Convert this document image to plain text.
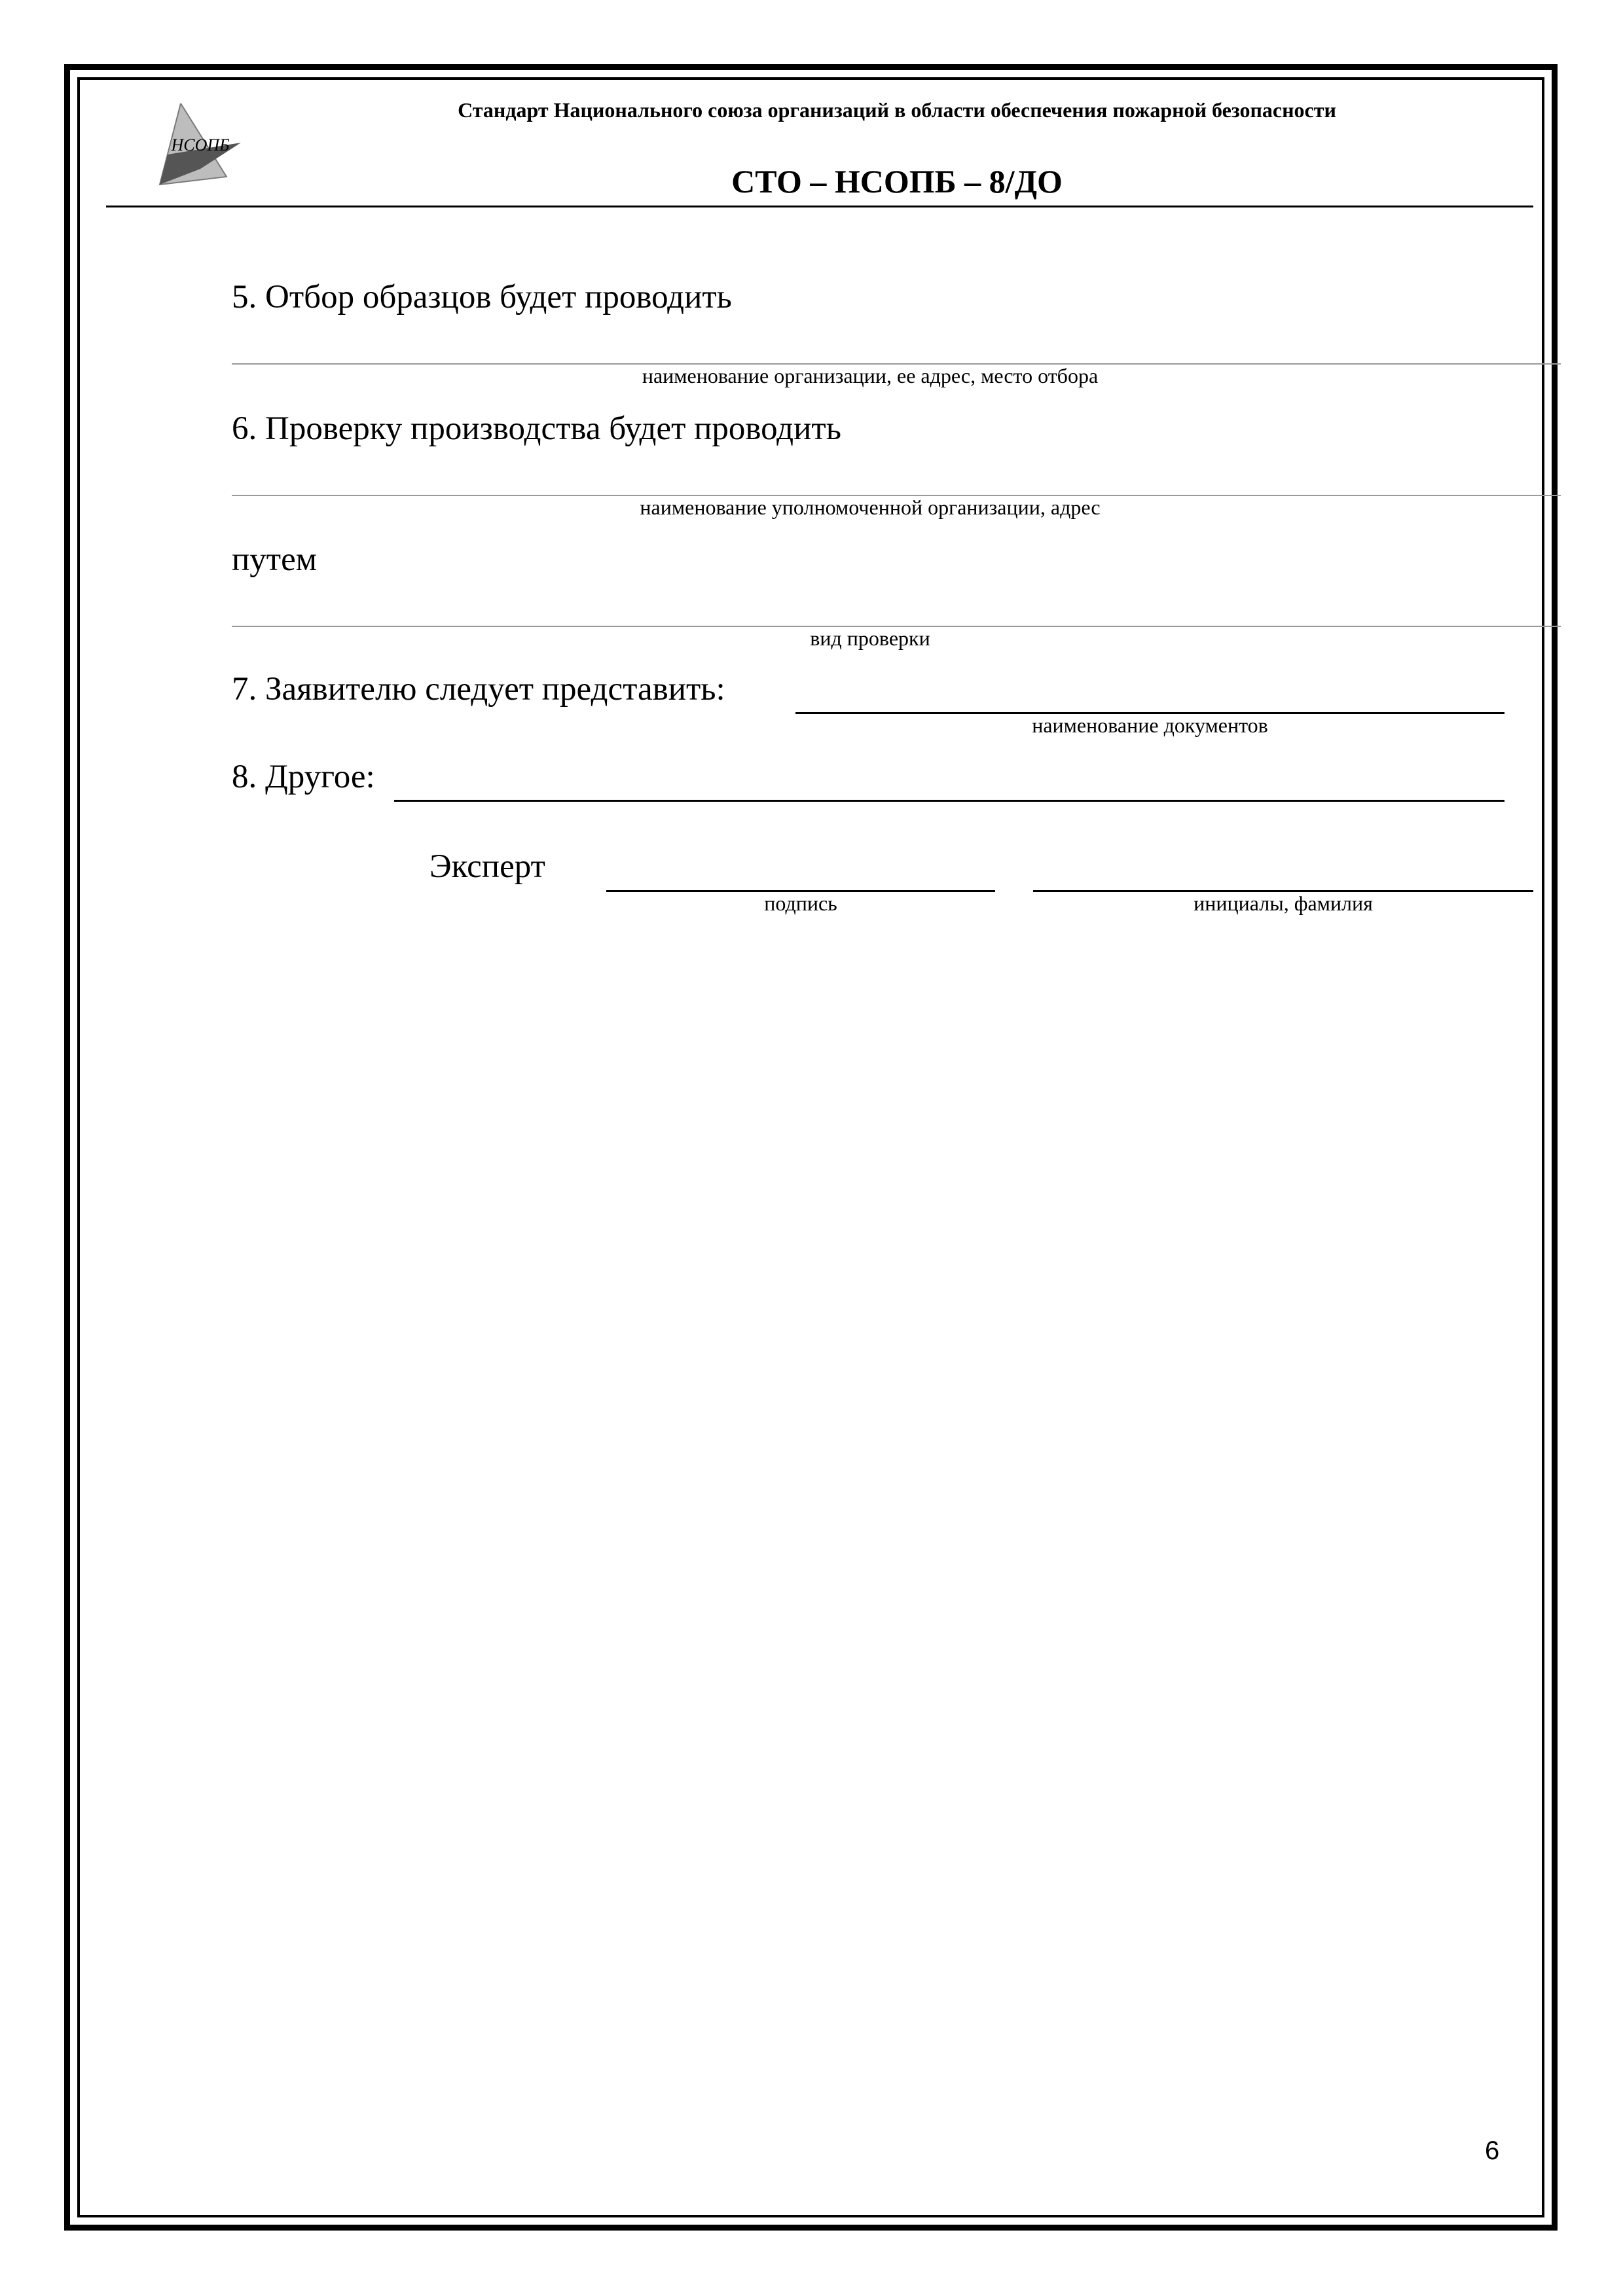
НСОПБ
Стандарт Национального союза организаций в области обеспечения пожарной безопасности
СТО – НСОПБ – 8/ДО
5. Отбор образцов будет проводить
наименование организации, ее адрес, место отбора
6. Проверку производства будет проводить
наименование уполномоченной организации, адрес
путем
вид проверки
7. Заявителю следует представить:
наименование документов
8. Другое:
Эксперт
подпись	инициалы, фамилия
6
